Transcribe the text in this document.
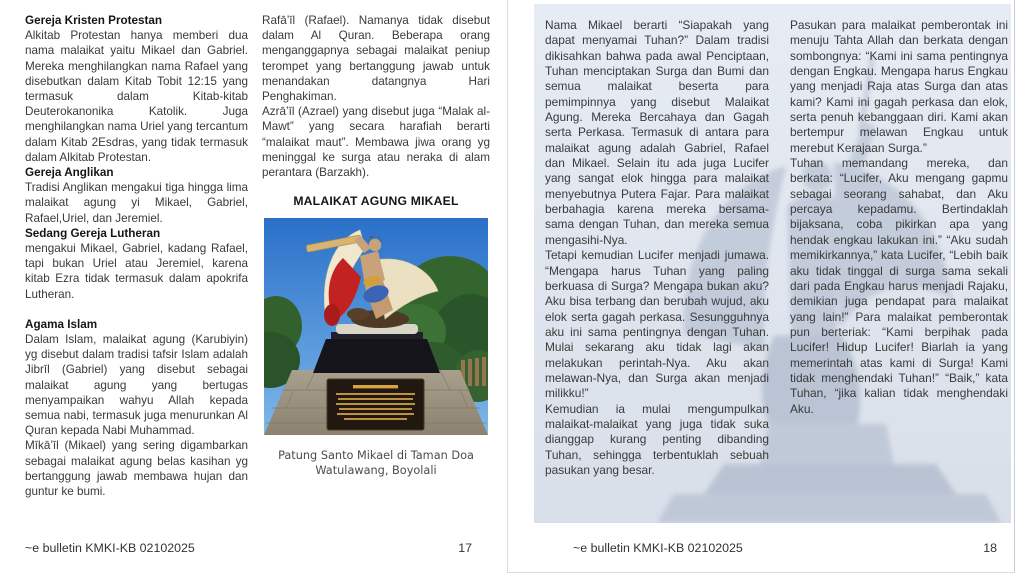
Gereja Kristen Protestan

Alkitab Protestan hanya memberi dua nama malaikat yaitu Mikael dan Gabriel. Mereka menghilangkan nama Rafael yang disebutkan dalam Kitab Tobit 12:15 yang termasuk dalam Kitab-kitab Deuterokanonika Katolik. Juga menghilangkan nama Uriel yang tercantum dalam Kitab 2Esdras, yang tidak termasuk dalam Alkitab Protestan.

Gereja Anglikan

Tradisi Anglikan mengakui tiga hingga lima malaikat agung yi Mikael, Gabriel, Rafael,Uriel, dan Jeremiel.

Sedang Gereja Lutheran

mengakui Mikael, Gabriel, kadang Rafael, tapi bukan Uriel atau Jeremiel, karena kitab Ezra tidak termasuk dalam apokrifa Lutheran.

Agama Islam

Dalam Islam, malaikat agung (Karubiyin) yg disebut dalam tradisi tafsir Islam adalah Jibrīl (Gabriel) yang disebut sebagai malaikat agung yang bertugas menyampaikan wahyu Allah kepada semua nabi, termasuk juga menurunkan Al Quran kepada Nabi Muhammad.

Mīkā’īl (Mikael) yang sering digambarkan sebagai malaikat agung belas kasihan yg bertanggung jawab membawa hujan dan guntur ke bumi.

Rafā’īl (Rafael). Namanya tidak disebut dalam Al Quran. Beberapa orang menganggapnya sebagai malaikat peniup terompet yang bertanggung jawab untuk menandakan datangnya Hari Penghakiman.

Azrā’īl (Azrael) yang disebut juga “Malak al-Mawt” yang secara harafiah berarti “malaikat maut”. Membawa jiwa orang yg meninggal ke surga atau neraka di alam perantara (Barzakh).

MALAIKAT AGUNG MIKAEL
Patung Santo Mikael di Taman Doa Watulawang, Boyolali
~e bulletin KMKI-KB 02102025	17

Nama Mikael berarti “Siapakah yang dapat menyamai Tuhan?” Dalam tradisi dikisahkan bahwa pada awal Penciptaan, Tuhan menciptakan Surga dan Bumi dan semua malaikat beserta para pemimpinnya yang disebut Malaikat Agung. Mereka Bercahaya dan Gagah serta Perkasa. Termasuk di antara para malaikat agung adalah Gabriel, Rafael dan Mikael. Selain itu ada juga Lucifer yang sangat elok hingga para malaikat menyebutnya Putera Fajar. Para malaikat berbahagia karena mereka bersama-sama dengan Tuhan, dan mereka semua mengasihi-Nya.

Tetapi kemudian Lucifer menjadi jumawa. “Mengapa harus Tuhan yang paling berkuasa di Surga? Mengapa bukan aku? Aku bisa terbang dan berubah wujud, aku elok serta gagah perkasa. Sesungguhnya aku ini sama pentingnya dengan Tuhan. Mulai sekarang aku tidak lagi akan melakukan perintah-Nya. Aku akan melawan-Nya, dan Surga akan menjadi milikku!”

Kemudian ia mulai mengumpulkan malaikat-malaikat yang juga tidak suka dianggap kurang penting dibanding Tuhan, sehingga terbentuklah sebuah pasukan yang besar.

Pasukan para malaikat pemberontak ini menuju Tahta Allah dan berkata dengan sombongnya: “Kami ini sama pentingnya dengan Engkau. Mengapa harus Engkau yang menjadi Raja atas Surga dan atas kami? Kami ini gagah perkasa dan elok, serta penuh kebanggaan diri. Kami akan bertempur melawan Engkau untuk merebut Kerajaan Surga.”

Tuhan memandang mereka, dan berkata: “Lucifer, Aku mengang gapmu sebagai seorang sahabat, dan Aku percaya kepadamu. Bertindaklah bijaksana, coba pikirkan apa yang hendak engkau lakukan ini.” “Aku sudah memikirkannya,” kata Lucifer, “Lebih baik aku tidak tinggal di surga sama sekali dari pada Engkau harus menjadi Rajaku, demikian juga pendapat para malaikat yang lain!” Para malaikat pemberontak pun berteriak: “Kami berpihak pada Lucifer! Hidup Lucifer! Biarlah ia yang memerintah atas kami di Surga! Kami tidak menghendaki Tuhan!” “Baik,” kata Tuhan, “jika kalian tidak menghendaki Aku.

~e bulletin KMKI-KB 02102025	18
